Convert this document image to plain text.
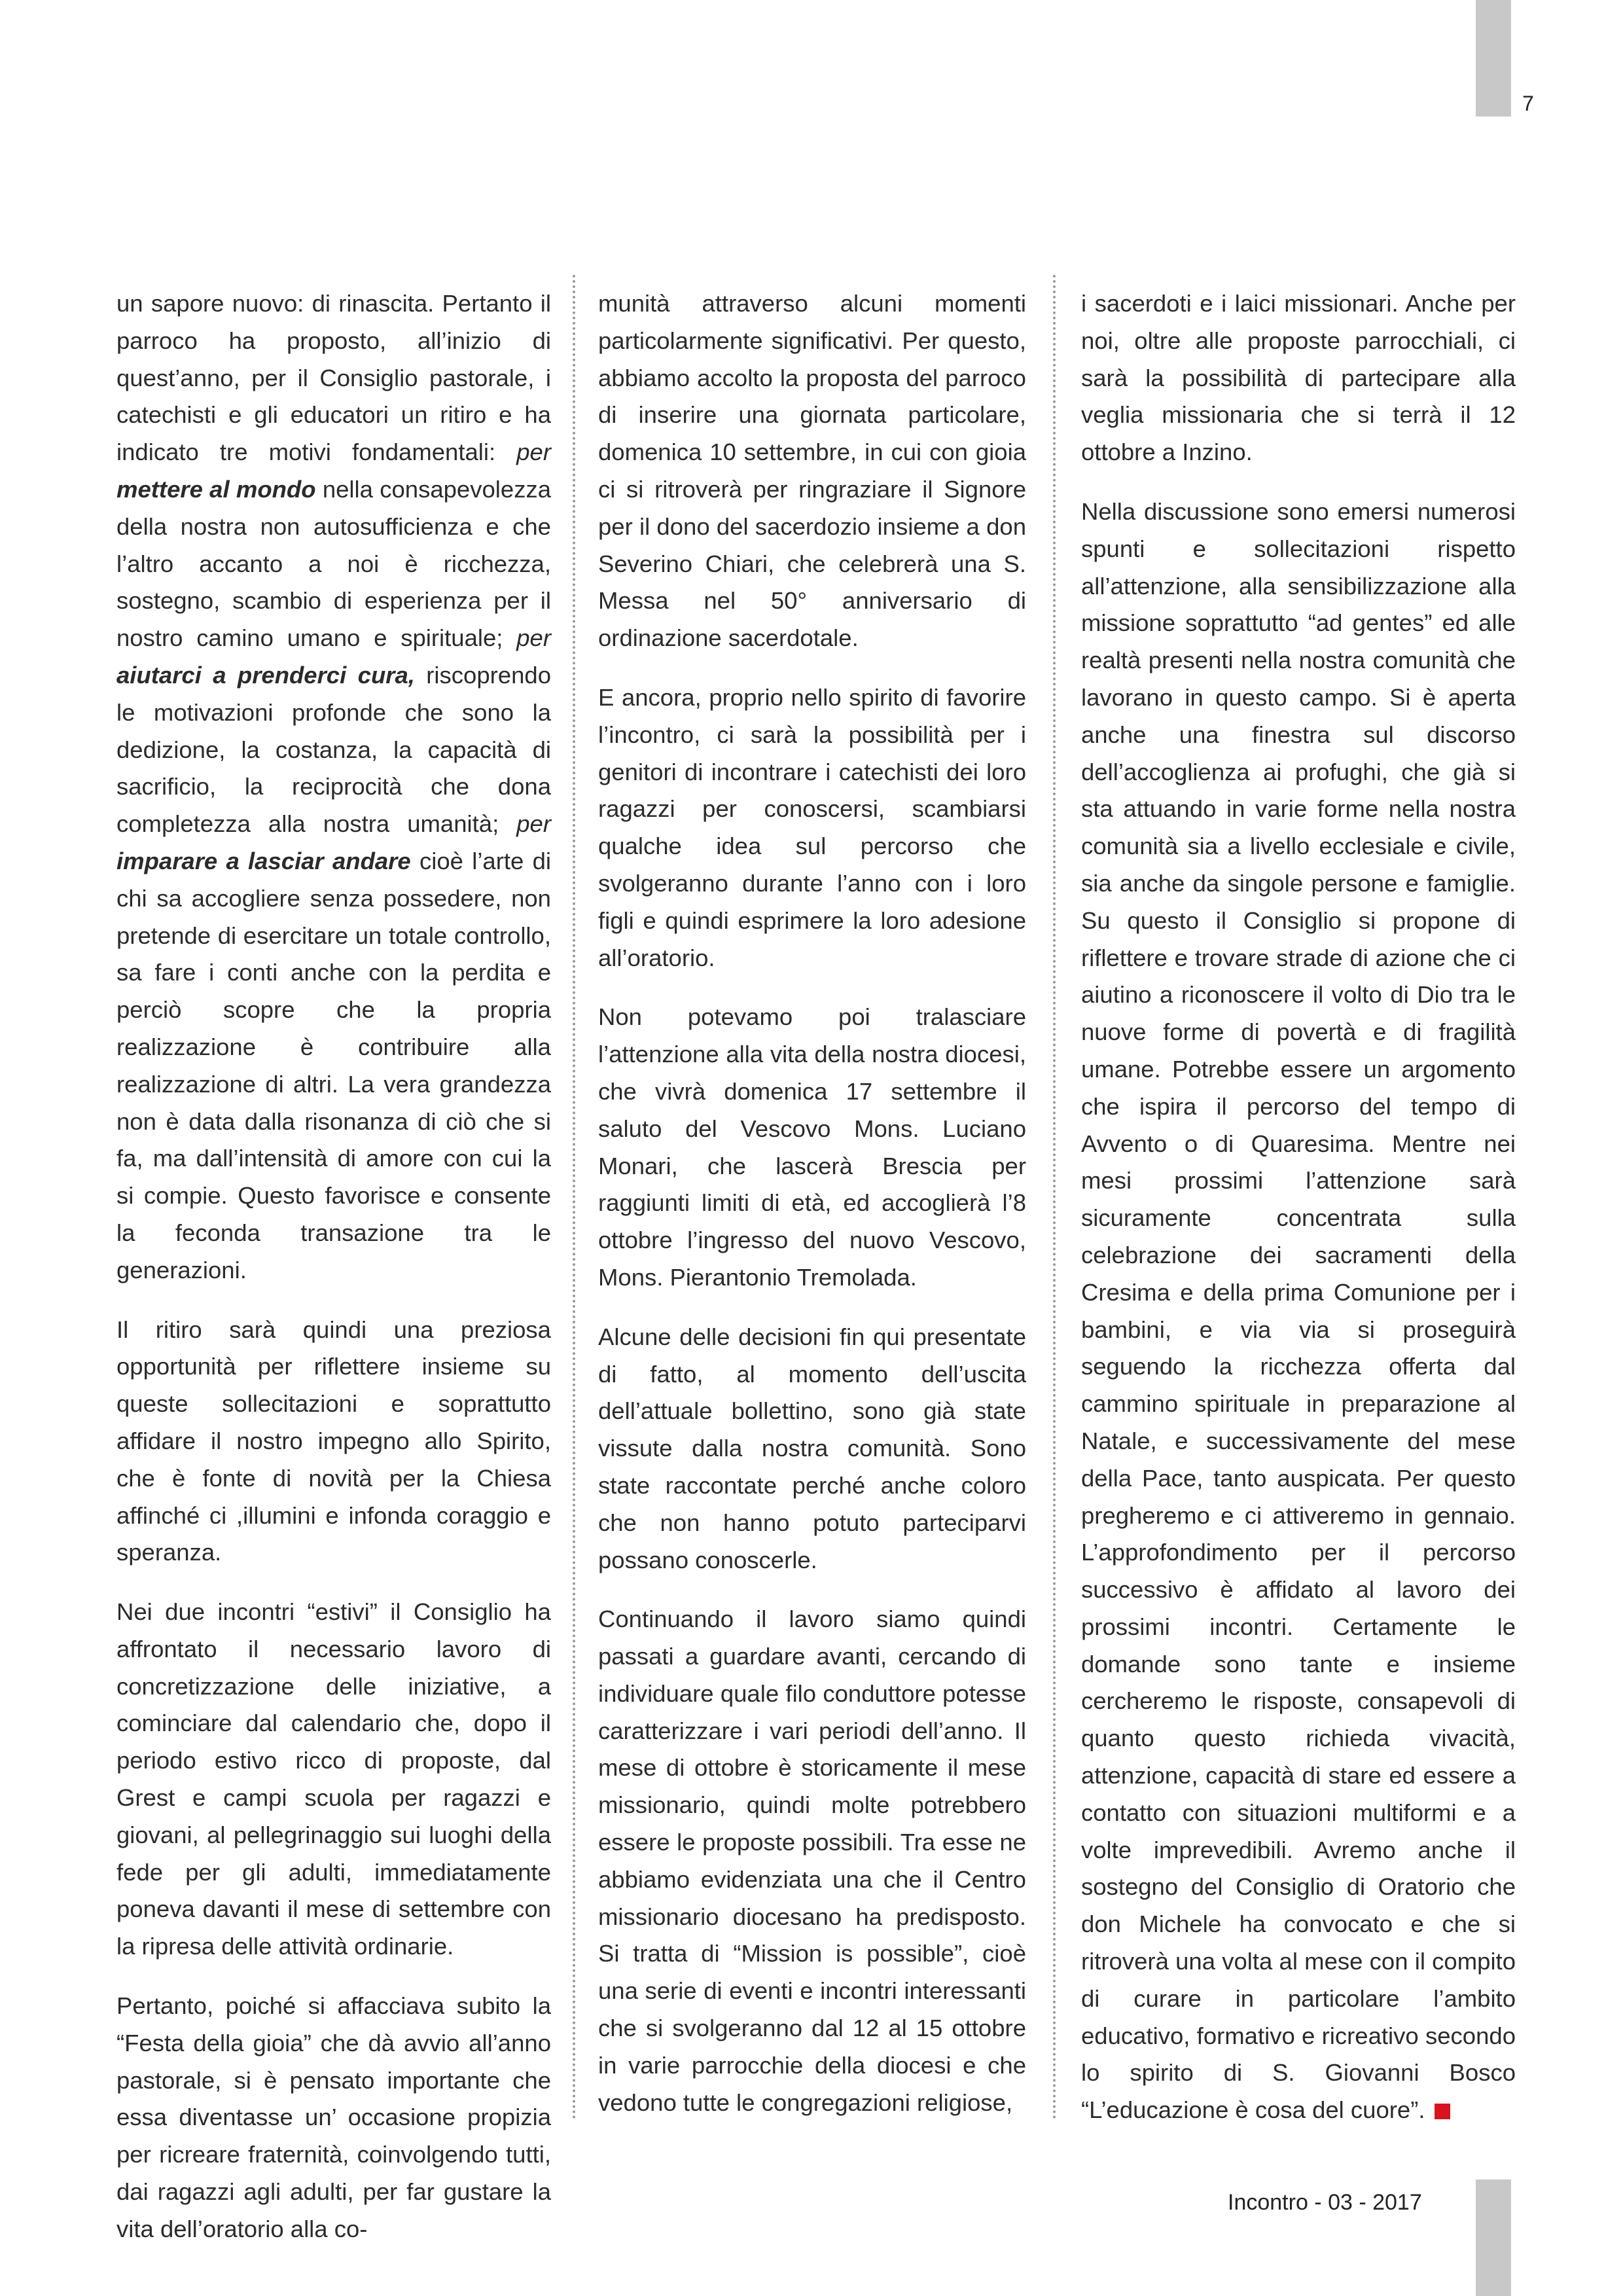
7

un sapore nuovo: di rinascita. Pertanto il parroco ha proposto, all’inizio di quest’anno, per il Consiglio pastorale, i catechisti e gli educatori un ritiro e ha indicato tre motivi fondamentali: per mettere al mondo nella consapevolezza della nostra non autosufficienza e che l’altro accanto a noi è ricchezza, sostegno, scambio di esperienza per il nostro camino umano e spirituale; per aiutarci a prenderci cura, riscoprendo le motivazioni profonde che sono la dedizione, la costanza, la capacità di sacrificio, la reciprocità che dona completezza alla nostra umanità; per imparare a lasciar andare cioè l’arte di chi sa accogliere senza possedere, non pretende di esercitare un totale controllo, sa fare i conti anche con la perdita e perciò scopre che la propria realizzazione è contribuire alla realizzazione di altri. La vera grandezza non è data dalla risonanza di ciò che si fa, ma dall’intensità di amore con cui la si compie. Questo favorisce e consente la feconda transazione tra le generazioni.

Il ritiro sarà quindi una preziosa opportunità per riflettere insieme su queste sollecitazioni e soprattutto affidare il nostro impegno allo Spirito, che è fonte di novità per la Chiesa affinché ci ,illumini e infonda coraggio e speranza.

Nei due incontri “estivi” il Consiglio ha affrontato il necessario lavoro di concretizzazione delle iniziative, a cominciare dal calendario che, dopo il periodo estivo ricco di proposte, dal Grest e campi scuola per ragazzi e giovani, al pellegrinaggio sui luoghi della fede per gli adulti, immediatamente poneva davanti il mese di settembre con la ripresa delle attività ordinarie.

Pertanto, poiché si affacciava subito la “Festa della gioia” che dà avvio all’anno pastorale, si è pensato importante che essa diventasse un’ occasione propizia per ricreare fraternità, coinvolgendo tutti, dai ragazzi agli adulti, per far gustare la vita dell’oratorio alla co-

munità attraverso alcuni momenti particolarmente significativi. Per questo, abbiamo accolto la proposta del parroco di inserire una giornata particolare, domenica 10 settembre, in cui con gioia ci si ritroverà per ringraziare il Signore per il dono del sacerdozio insieme a don Severino Chiari, che celebrerà una S. Messa nel 50° anniversario di ordinazione sacerdotale.

E ancora, proprio nello spirito di favorire l’incontro, ci sarà la possibilità per i genitori di incontrare i catechisti dei loro ragazzi per conoscersi, scambiarsi qualche idea sul percorso che svolgeranno durante l’anno con i loro figli e quindi esprimere la loro adesione all’oratorio.

Non potevamo poi tralasciare l’attenzione alla vita della nostra diocesi, che vivrà domenica 17 settembre il saluto del Vescovo Mons. Luciano Monari, che lascerà Brescia per raggiunti limiti di età, ed accoglierà l’8 ottobre l’ingresso del nuovo Vescovo, Mons. Pierantonio Tremolada.

Alcune delle decisioni fin qui presentate di fatto, al momento dell’uscita dell’attuale bollettino, sono già state vissute dalla nostra comunità. Sono state raccontate perché anche coloro che non hanno potuto parteciparvi possano conoscerle.

Continuando il lavoro siamo quindi passati a guardare avanti, cercando di individuare quale filo conduttore potesse caratterizzare i vari periodi dell’anno. Il mese di ottobre è storicamente il mese missionario, quindi molte potrebbero essere le proposte possibili. Tra esse ne abbiamo evidenziata una che il Centro missionario diocesano ha predisposto. Si tratta di “Mission is possible”, cioè una serie di eventi e incontri interessanti che si svolgeranno dal 12 al 15 ottobre in varie parrocchie della diocesi e che vedono tutte le congregazioni religiose,

i sacerdoti e i laici missionari. Anche per noi, oltre alle proposte parrocchiali, ci sarà la possibilità di partecipare alla veglia missionaria che si terrà il 12 ottobre a Inzino.

Nella discussione sono emersi numerosi spunti e sollecitazioni rispetto all’attenzione, alla sensibilizzazione alla missione soprattutto “ad gentes” ed alle realtà presenti nella nostra comunità che lavorano in questo campo. Si è aperta anche una finestra sul discorso dell’accoglienza ai profughi, che già si sta attuando in varie forme nella nostra comunità sia a livello ecclesiale e civile, sia anche da singole persone e famiglie. Su questo il Consiglio si propone di riflettere e trovare strade di azione che ci aiutino a riconoscere il volto di Dio tra le nuove forme di povertà e di fragilità umane. Potrebbe essere un argomento che ispira il percorso del tempo di Avvento o di Quaresima. Mentre nei mesi prossimi l’attenzione sarà sicuramente concentrata sulla celebrazione dei sacramenti della Cresima e della prima Comunione per i bambini, e via via si proseguirà seguendo la ricchezza offerta dal cammino spirituale in preparazione al Natale, e successivamente del mese della Pace, tanto auspicata. Per questo pregheremo e ci attiveremo in gennaio. L’approfondimento per il percorso successivo è affidato al lavoro dei prossimi incontri. Certamente le domande sono tante e insieme cercheremo le risposte, consapevoli di quanto questo richieda vivacità, attenzione, capacità di stare ed essere a contatto con situazioni multiformi e a volte imprevedibili. Avremo anche il sostegno del Consiglio di Oratorio che don Michele ha convocato e che si ritroverà una volta al mese con il compito di curare in particolare l’ambito educativo, formativo e ricreativo secondo lo spirito di S. Giovanni Bosco “L’educazione è cosa del cuore”.

Incontro - 03 - 2017
